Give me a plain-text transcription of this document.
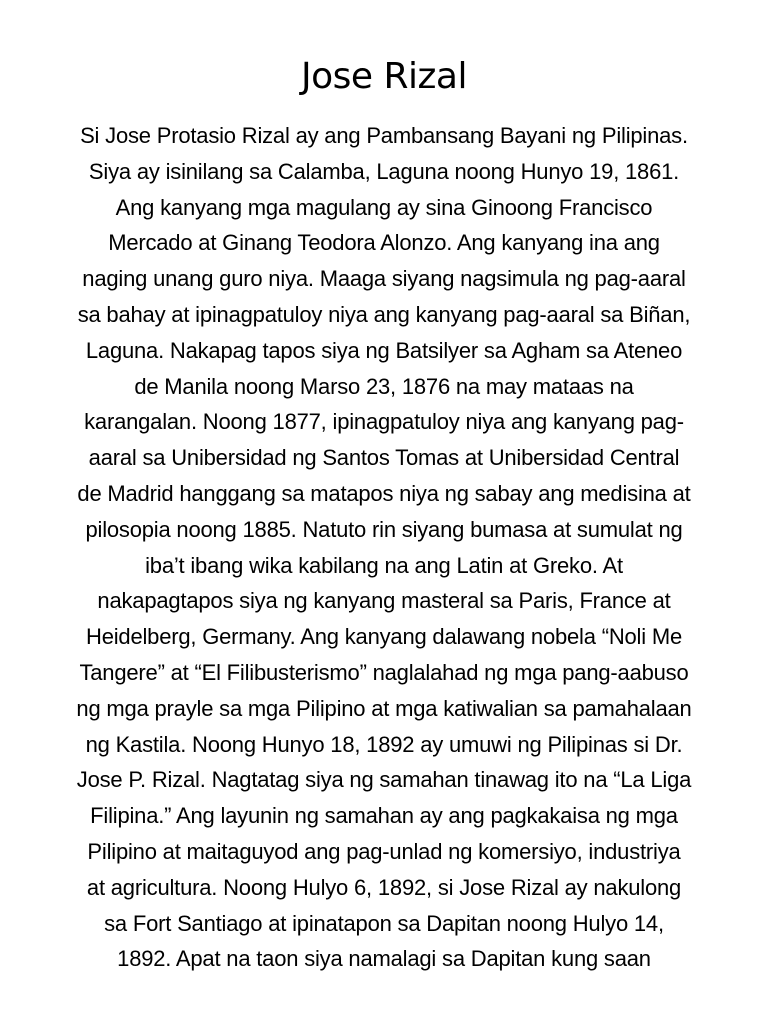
Jose Rizal
Si Jose Protasio Rizal ay ang Pambansang Bayani ng Pilipinas.
Siya ay isinilang sa Calamba, Laguna noong Hunyo 19, 1861.
Ang kanyang mga magulang ay sina Ginoong Francisco
Mercado at Ginang Teodora Alonzo. Ang kanyang ina ang
naging unang guro niya. Maaga siyang nagsimula ng pag-aaral
sa bahay at ipinagpatuloy niya ang kanyang pag-aaral sa Biñan,
Laguna. Nakapag tapos siya ng Batsilyer sa Agham sa Ateneo
de Manila noong Marso 23, 1876 na may mataas na
karangalan. Noong 1877, ipinagpatuloy niya ang kanyang pag-
aaral sa Unibersidad ng Santos Tomas at Unibersidad Central
de Madrid hanggang sa matapos niya ng sabay ang medisina at
pilosopia noong 1885. Natuto rin siyang bumasa at sumulat ng
iba’t ibang wika kabilang na ang Latin at Greko. At
nakapagtapos siya ng kanyang masteral sa Paris, France at
Heidelberg, Germany. Ang kanyang dalawang nobela “Noli Me
Tangere” at “El Filibusterismo” naglalahad ng mga pang-aabuso
ng mga prayle sa mga Pilipino at mga katiwalian sa pamahalaan
ng Kastila. Noong Hunyo 18, 1892 ay umuwi ng Pilipinas si Dr.
Jose P. Rizal. Nagtatag siya ng samahan tinawag ito na “La Liga
Filipina.” Ang layunin ng samahan ay ang pagkakaisa ng mga
Pilipino at maitaguyod ang pag-unlad ng komersiyo, industriya
at agricultura. Noong Hulyo 6, 1892, si Jose Rizal ay nakulong
sa Fort Santiago at ipinatapon sa Dapitan noong Hulyo 14,
1892. Apat na taon siya namalagi sa Dapitan kung saan
